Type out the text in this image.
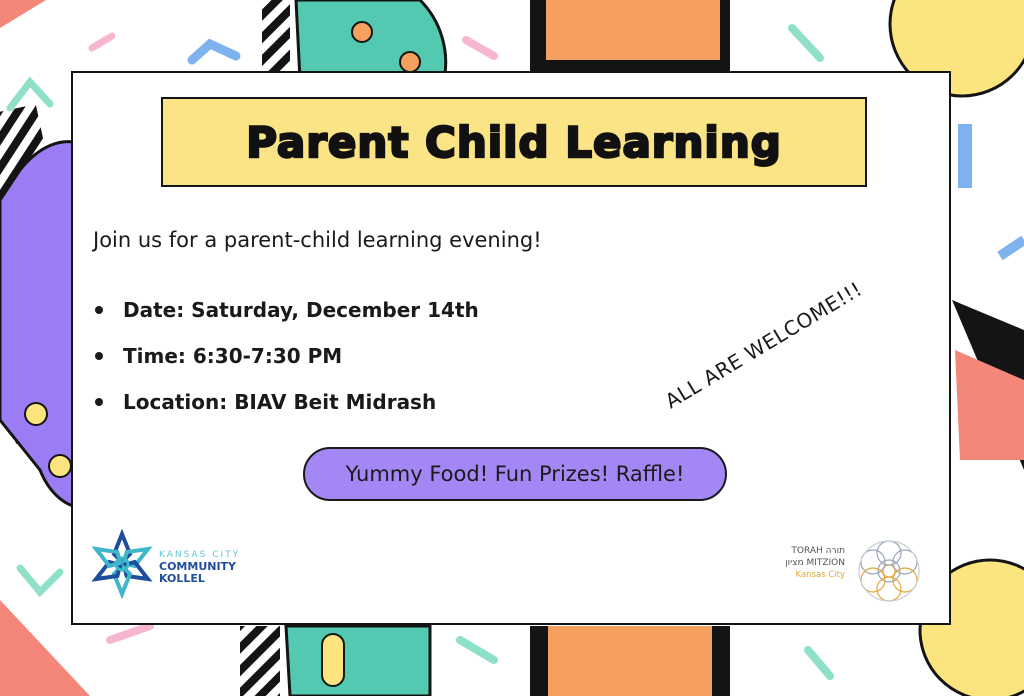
Parent Child Learning
Join us for a parent-child learning evening!
Date: Saturday, December 14th
Time: 6:30-7:30 PM
Location: BIAV Beit Midrash	ALL ARE WELCOME!!!
Yummy Food! Fun Prizes! Raffle!
KANSAS CITY
COMMUNITY
KOLLEL
TORAH תורה
מציון MITZION
Kansas City
